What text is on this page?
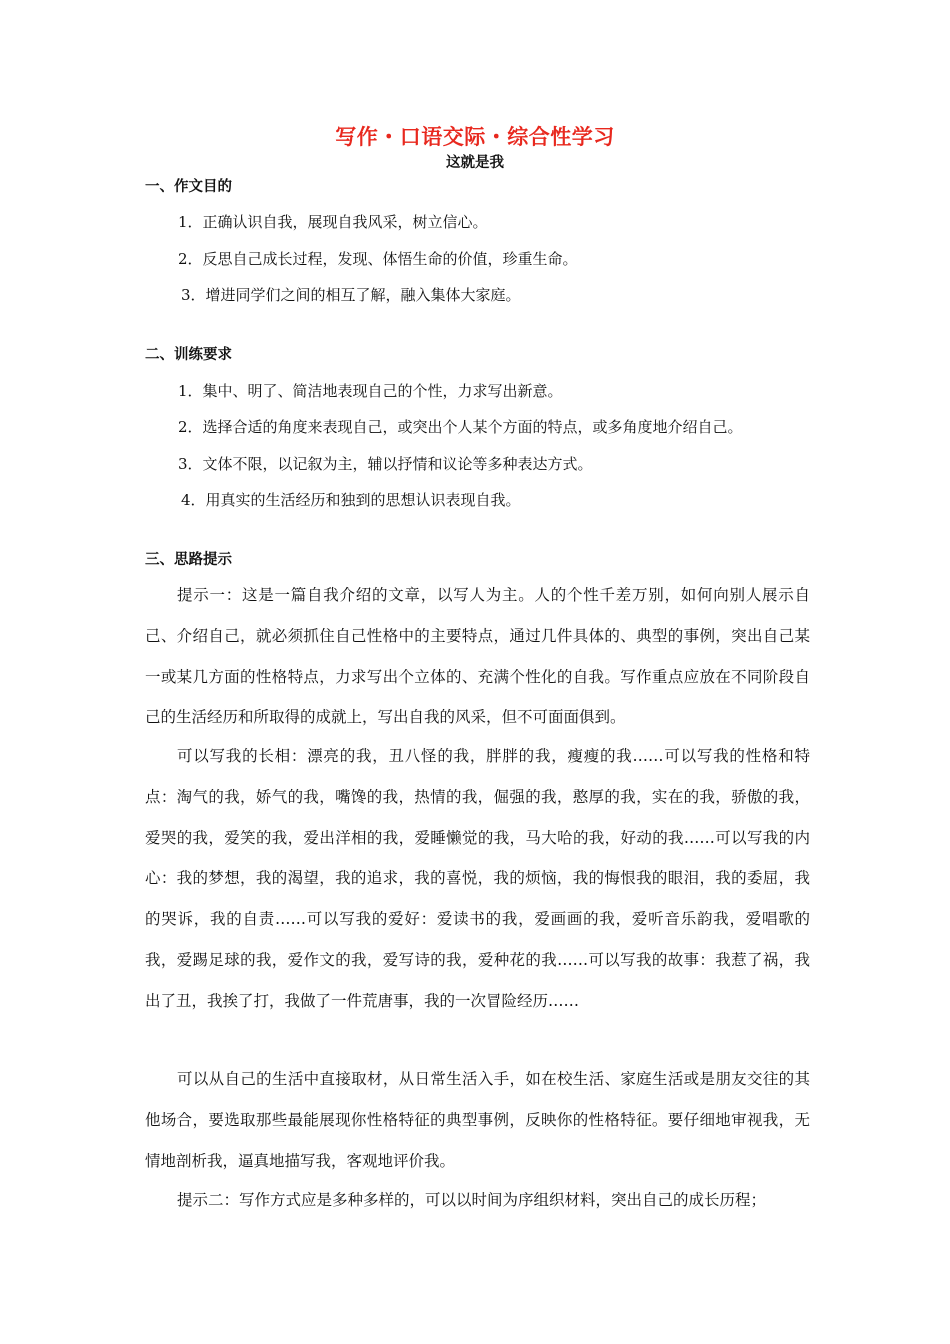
写作・口语交际・综合性学习
这就是我
一、作文目的
1．正确认识自我，展现自我风采，树立信心。
2．反思自己成长过程，发现、体悟生命的价值，珍重生命。
3．增进同学们之间的相互了解，融入集体大家庭。
二、训练要求
1．集中、明了、简洁地表现自己的个性，力求写出新意。
2．选择合适的角度来表现自己，或突出个人某个方面的特点，或多角度地介绍自己。
3．文体不限，以记叙为主，辅以抒情和议论等多种表达方式。
4．用真实的生活经历和独到的思想认识表现自我。
三、思路提示
提示一：这是一篇自我介绍的文章，以写人为主。人的个性千差万别，如何向别人展示自己、介绍自己，就必须抓住自己性格中的主要特点，通过几件具体的、典型的事例，突出自己某一或某几方面的性格特点，力求写出个立体的、充满个性化的自我。写作重点应放在不同阶段自己的生活经历和所取得的成就上，写出自我的风采，但不可面面俱到。
可以写我的长相：漂亮的我，丑八怪的我，胖胖的我，瘦瘦的我……可以写我的性格和特点：淘气的我，娇气的我，嘴馋的我，热情的我，倔强的我，憨厚的我，实在的我，骄傲的我，爱哭的我，爱笑的我，爱出洋相的我，爱睡懒觉的我，马大哈的我，好动的我……可以写我的内心：我的梦想，我的渴望，我的追求，我的喜悦，我的烦恼，我的悔恨我的眼泪，我的委屈，我的哭诉，我的自责……可以写我的爱好：爱读书的我，爱画画的我，爱听音乐韵我，爱唱歌的我，爱踢足球的我，爱作文的我，爱写诗的我，爱种花的我……可以写我的故事：我惹了祸，我出了丑，我挨了打，我做了一件荒唐事，我的一次冒险经历……
可以从自己的生活中直接取材，从日常生活入手，如在校生活、家庭生活或是朋友交往的其他场合，要选取那些最能展现你性格特征的典型事例，反映你的性格特征。要仔细地审视我，无情地剖析我，逼真地描写我，客观地评价我。
提示二：写作方式应是多种多样的，可以以时间为序组织材料，突出自己的成长历程；
